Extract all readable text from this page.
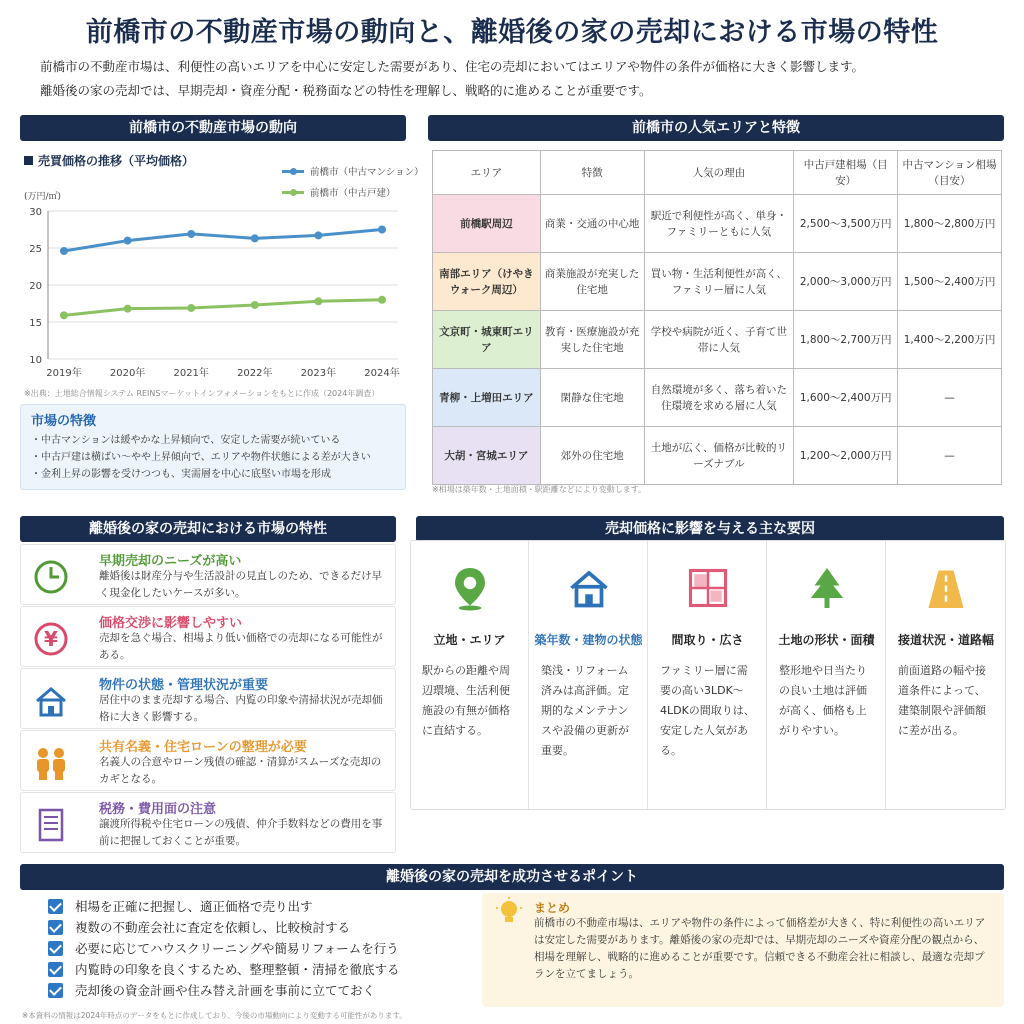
前橋市の不動産市場の動向と、離婚後の家の売却における市場の特性
前橋市の不動産市場は、利便性の高いエリアを中心に安定した需要があり、住宅の売却においてはエリアや物件の条件が価格に大きく影響します。
離婚後の家の売却では、早期売却・資産分配・税務面などの特性を理解し、戦略的に進めることが重要です。
前橋市の不動産市場の動向
売買価格の推移（平均価格）
前橋市（中古マンション）
前橋市（中古戸建）
(万円/㎡)
10
15
20
25
30
2019年	2020年	2021年	2022年	2023年	2024年
※出典：土地総合情報システム REINSマーケットインフォメーションをもとに作成（2024年調査）
市場の特徴
・中古マンションは緩やかな上昇傾向で、安定した需要が続いている
・中古戸建は横ばい〜やや上昇傾向で、エリアや物件状態による差が大きい
・金利上昇の影響を受けつつも、実需層を中心に底堅い市場を形成
前橋市の人気エリアと特徴
エリア	特徴	人気の理由	中古戸建相場（目安）	中古マンション相場（目安）
前橋駅周辺	商業・交通の中心地	駅近で利便性が高く、単身・ファミリーともに人気	2,500〜3,500万円	1,800〜2,800万円
南部エリア（けやきウォーク周辺）	商業施設が充実した住宅地	買い物・生活利便性が高く、ファミリー層に人気	2,000〜3,000万円	1,500〜2,400万円
文京町・城東町エリア	教育・医療施設が充実した住宅地	学校や病院が近く、子育て世帯に人気	1,800〜2,700万円	1,400〜2,200万円
青柳・上増田エリア	閑静な住宅地	自然環境が多く、落ち着いた住環境を求める層に人気	1,600〜2,400万円	—
大胡・宮城エリア	郊外の住宅地	土地が広く、価格が比較的リーズナブル	1,200〜2,000万円	—
※相場は築年数・土地面積・駅距離などにより変動します。
離婚後の家の売却における市場の特性
早期売却のニーズが高い
離婚後は財産分与や生活設計の見直しのため、できるだけ早く現金化したいケースが多い。
¥
価格交渉に影響しやすい
売却を急ぐ場合、相場より低い価格での売却になる可能性がある。
物件の状態・管理状況が重要
居住中のまま売却する場合、内覧の印象や清掃状況が売却価格に大きく影響する。
共有名義・住宅ローンの整理が必要
名義人の合意やローン残債の確認・清算がスムーズな売却のカギとなる。
税務・費用面の注意
譲渡所得税や住宅ローンの残債、仲介手数料などの費用を事前に把握しておくことが重要。
売却価格に影響を与える主な要因
立地・エリア
駅からの距離や周辺環境、生活利便施設の有無が価格に直結する。
築年数・建物の状態
築浅・リフォーム済みは高評価。定期的なメンテナンスや設備の更新が重要。
間取り・広さ
ファミリー層に需要の高い3LDK〜4LDKの間取りは、安定した人気がある。
土地の形状・面積
整形地や日当たりの良い土地は評価が高く、価格も上がりやすい。
接道状況・道路幅
前面道路の幅や接道条件によって、建築制限や評価額に差が出る。
離婚後の家の売却を成功させるポイント
相場を正確に把握し、適正価格で売り出す
複数の不動産会社に査定を依頼し、比較検討する
必要に応じてハウスクリーニングや簡易リフォームを行う
内覧時の印象を良くするため、整理整頓・清掃を徹底する
売却後の資金計画や住み替え計画を事前に立てておく
まとめ
前橋市の不動産市場は、エリアや物件の条件によって価格差が大きく、特に利便性の高いエリアは安定した需要があります。離婚後の家の売却では、早期売却のニーズや資産分配の観点から、相場を理解し、戦略的に進めることが重要です。信頼できる不動産会社に相談し、最適な売却プランを立てましょう。
※本資料の情報は2024年時点のデータをもとに作成しており、今後の市場動向により変動する可能性があります。
